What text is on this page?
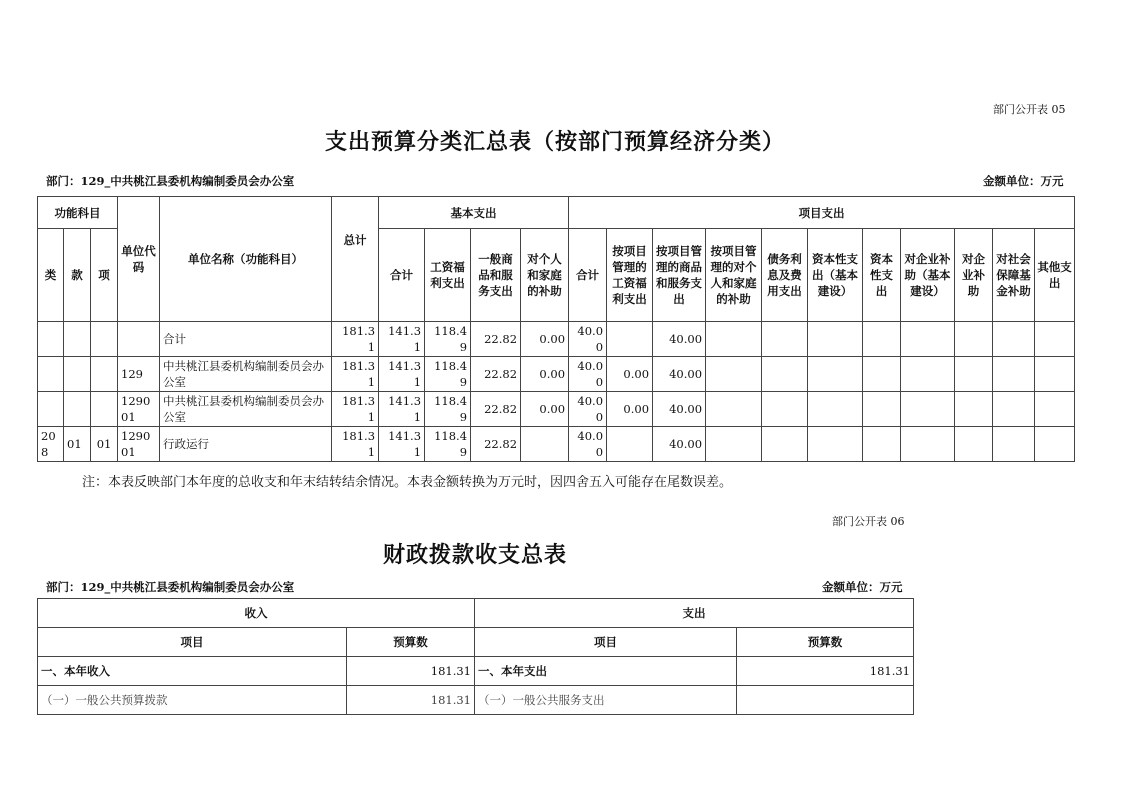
部门公开表 05
支出预算分类汇总表（按部门预算经济分类）
部门：129_中共桃江县委机构编制委员会办公室	金额单位：万元
功能科目			单位代码	单位名称（功能科目）	总计	基本支出				项目支出										
类	款	项				合计	工资福利支出	一般商品和服务支出	对个人和家庭的补助	合计	按项目管理的工资福利支出	按项目管理的商品和服务支出	按项目管理的对个人和家庭的补助	债务利息及费用支出	资本性支出（基本建设）	资本性支出	对企业补助（基本建设）	对企业补助	对社会保障基金补助	其他支出
				合计	181.31	141.31	118.49	22.82	0.00	40.00		40.00								
			129	中共桃江县委机构编制委员会办公室	181.31	141.31	118.49	22.82	0.00	40.00	0.00	40.00								
			129001	中共桃江县委机构编制委员会办公室	181.31	141.31	118.49	22.82	0.00	40.00	0.00	40.00								
208	01	01	129001	行政运行	181.31	141.31	118.49	22.82		40.00		40.00								
注：本表反映部门本年度的总收支和年末结转结余情况。本表金额转换为万元时，因四舍五入可能存在尾数误差。
部门公开表 06
财政拨款收支总表
部门：129_中共桃江县委机构编制委员会办公室	金额单位：万元
收入		支出	
项目	预算数	项目	预算数
一、本年收入	181.31	一、本年支出	181.31
（一）一般公共预算拨款	181.31	（一）一般公共服务支出	
